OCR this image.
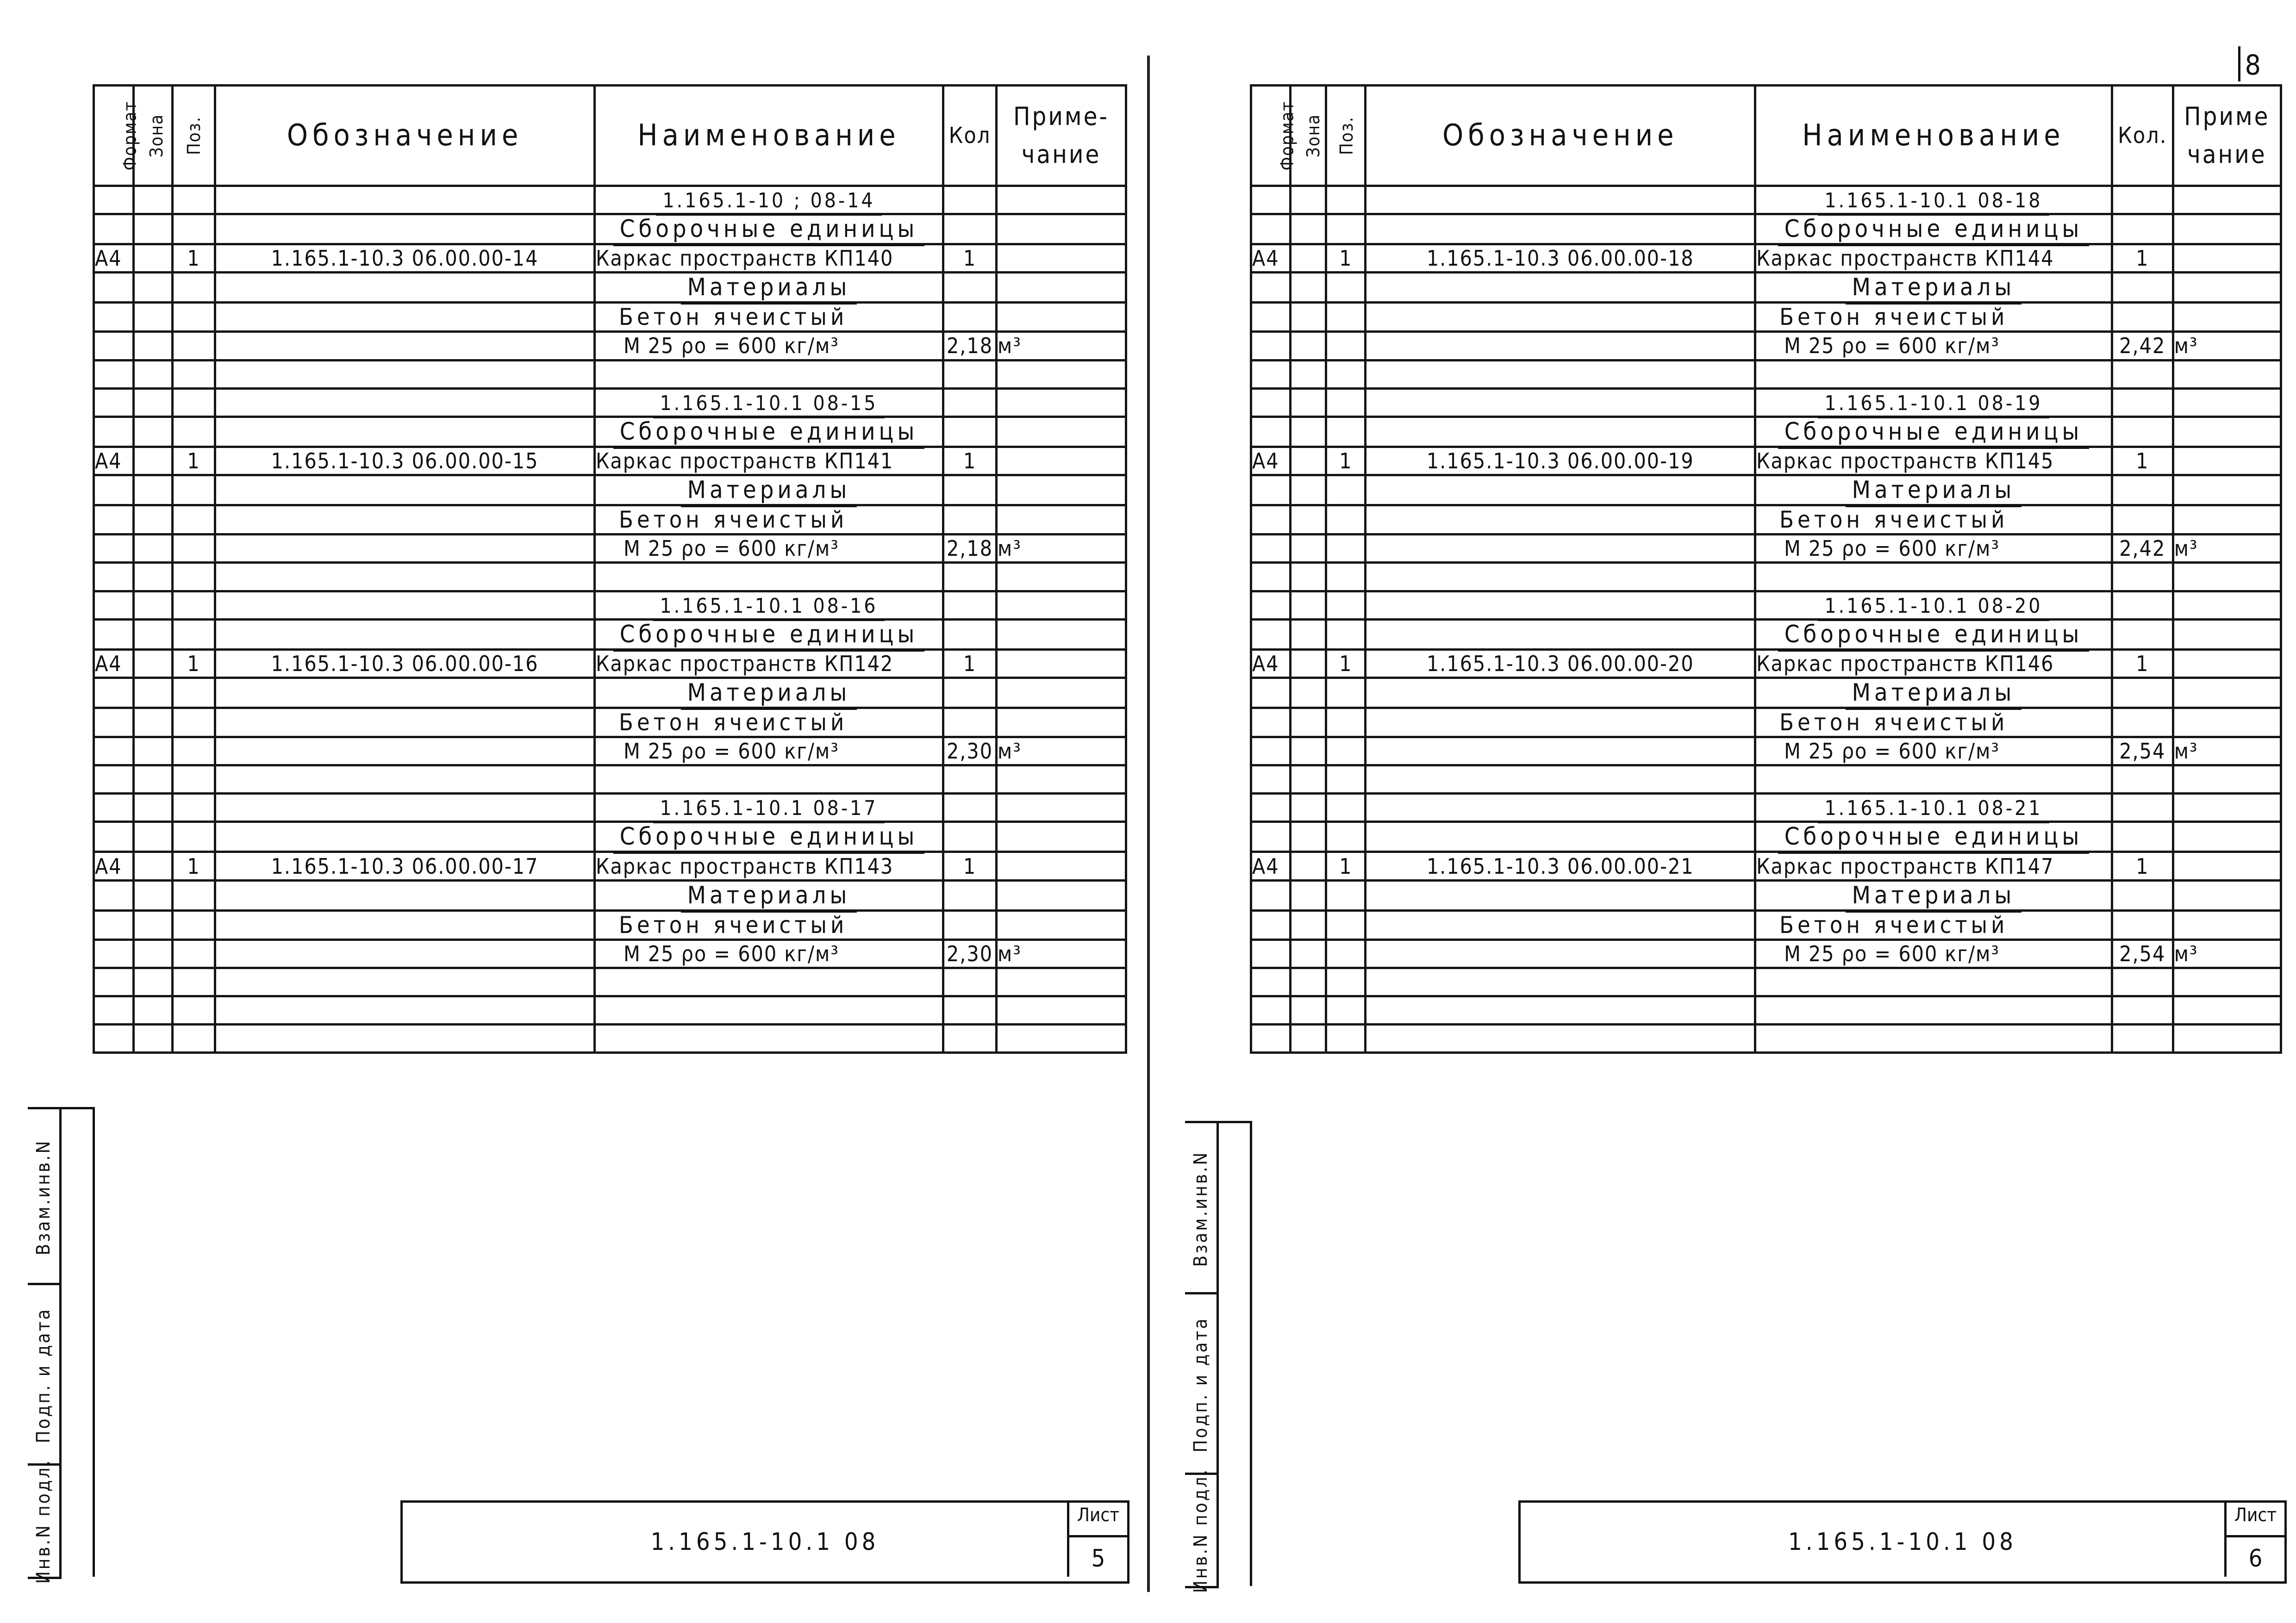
8
Взам.инв.N
Подп. и дата
Инв.N подл.
Формат	Зона	Поз.	Обозначение	Наименование	Кол	Приме-чание
				1.165.1-10 ; 08-14		
				Сборочные единицы		
А4		1	1.165.1-10.3 06.00.00-14	Каркас пространств КП140	1	
				Материалы		
				Бетон ячеистый		
				М 25 ρо = 600 кг/м³	2,18	м³

				1.165.1-10.1 08-15		
				Сборочные единицы		
А4		1	1.165.1-10.3 06.00.00-15	Каркас пространств КП141	1	
				Материалы		
				Бетон ячеистый		
				М 25 ρо = 600 кг/м³	2,18	м³

				1.165.1-10.1 08-16		
				Сборочные единицы		
А4		1	1.165.1-10.3 06.00.00-16	Каркас пространств КП142	1	
				Материалы		
				Бетон ячеистый		
				М 25 ρо = 600 кг/м³	2,30	м³

				1.165.1-10.1 08-17		
				Сборочные единицы		
А4		1	1.165.1-10.3 06.00.00-17	Каркас пространств КП143	1	
				Материалы		
				Бетон ячеистый		
				М 25 ρо = 600 кг/м³	2,30	м³

1.165.1-10.1 08
Лист
5
Взам.инв.N
Подп. и дата
Инв.N подл.
Формат	Зона	Поз.	Обозначение	Наименование	Кол.	Приме чание
				1.165.1-10.1 08-18		
				Сборочные единицы		
А4		1	1.165.1-10.3 06.00.00-18	Каркас пространств КП144	1	
				Материалы		
				Бетон ячеистый		
				М 25 ρо = 600 кг/м³	2,42	м³

				1.165.1-10.1 08-19		
				Сборочные единицы		
А4		1	1.165.1-10.3 06.00.00-19	Каркас пространств КП145	1	
				Материалы		
				Бетон ячеистый		
				М 25 ρо = 600 кг/м³	2,42	м³

				1.165.1-10.1 08-20		
				Сборочные единицы		
А4		1	1.165.1-10.3 06.00.00-20	Каркас пространств КП146	1	
				Материалы		
				Бетон ячеистый		
				М 25 ρо = 600 кг/м³	2,54	м³

				1.165.1-10.1 08-21		
				Сборочные единицы		
А4		1	1.165.1-10.3 06.00.00-21	Каркас пространств КП147	1	
				Материалы		
				Бетон ячеистый		
				М 25 ρо = 600 кг/м³	2,54	м³

1.165.1-10.1 08
Лист
6
